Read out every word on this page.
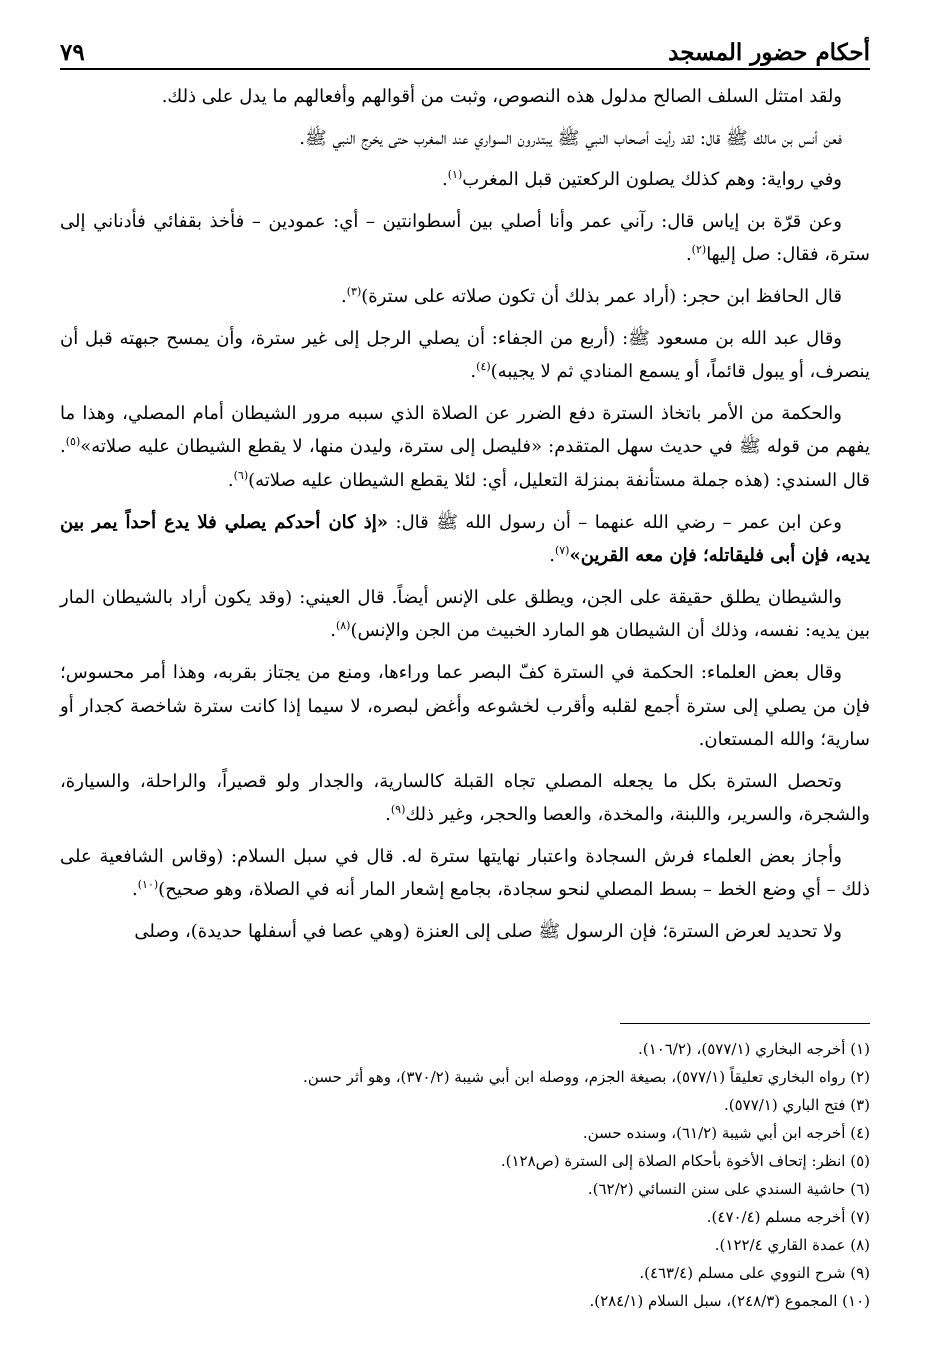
أحكام حضور المسجد
٧٩

ولقد امتثل السلف الصالح مدلول هذه النصوص، وثبت من أقوالهم وأفعالهم ما يدل على ذلك.

فعن أنس بن مالك ﷺ قال: لقد رأيت أصحاب النبي ﷺ يبتدرون السواري عند المغرب حتى يخرج النبي ﷺ.

وفي رواية: وهم كذلك يصلون الركعتين قبل المغرب$^{(١)}$.

وعن قرّة بن إياس قال: رآني عمر وأنا أصلي بين أسطوانتين – أي: عمودين – فأخذ بقفائي فأدناني إلى سترة، فقال: صل إليها$^{(٢)}$.

قال الحافظ ابن حجر: (أراد عمر بذلك أن تكون صلاته على سترة)$^{(٣)}$.

وقال عبد الله بن مسعود ﷺ: (أربع من الجفاء: أن يصلي الرجل إلى غير سترة، وأن يمسح جبهته قبل أن ينصرف، أو يبول قائماً، أو يسمع المنادي ثم لا يجيبه)$^{(٤)}$.

والحكمة من الأمر باتخاذ السترة دفع الضرر عن الصلاة الذي سببه مرور الشيطان أمام المصلي، وهذا ما يفهم من قوله ﷺ في حديث سهل المتقدم: «فليصل إلى سترة، وليدن منها، لا يقطع الشيطان عليه صلاته»$^{(٥)}$. قال السندي: (هذه جملة مستأنفة بمنزلة التعليل، أي: لئلا يقطع الشيطان عليه صلاته)$^{(٦)}$.

وعن ابن عمر – رضي الله عنهما – أن رسول الله ﷺ قال: «إذ كان أحدكم يصلي فلا يدع أحداً يمر بين يديه، فإن أبى فليقاتله؛ فإن معه القرين»$^{(٧)}$.

والشيطان يطلق حقيقة على الجن، ويطلق على الإنس أيضاً. قال العيني: (وقد يكون أراد بالشيطان المار بين يديه: نفسه، وذلك أن الشيطان هو المارد الخبيث من الجن والإنس)$^{(٨)}$.

وقال بعض العلماء: الحكمة في السترة كفّ البصر عما وراءها، ومنع من يجتاز بقربه، وهذا أمر محسوس؛ فإن من يصلي إلى سترة أجمع لقلبه وأقرب لخشوعه وأغض لبصره، لا سيما إذا كانت سترة شاخصة كجدار أو سارية؛ والله المستعان.

وتحصل السترة بكل ما يجعله المصلي تجاه القبلة كالسارية، والجدار ولو قصيراً، والراحلة، والسيارة، والشجرة، والسرير، واللبنة، والمخدة، والعصا والحجر، وغير ذلك$^{(٩)}$.

وأجاز بعض العلماء فرش السجادة واعتبار نهايتها سترة له. قال في سبل السلام: (وقاس الشافعية على ذلك – أي وضع الخط – بسط المصلي لنحو سجادة، بجامع إشعار المار أنه في الصلاة، وهو صحيح)$^{(١٠)}$.

ولا تحديد لعرض السترة؛ فإن الرسول ﷺ صلى إلى العنزة (وهي عصا في أسفلها حديدة)، وصلى

(١) أخرجه البخاري (٥٧٧/١)، (١٠٦/٢).
(٢) رواه البخاري تعليقاً (٥٧٧/١)، بصيغة الجزم، ووصله ابن أبي شيبة (٣٧٠/٢)، وهو أثر حسن.
(٣) فتح الباري (٥٧٧/١).
(٤) أخرجه ابن أبي شيبة (٦١/٢)، وسنده حسن.
(٥) انظر: إتحاف الأخوة بأحكام الصلاة إلى السترة (ص١٢٨).
(٦) حاشية السندي على سنن النسائي (٦٢/٢).
(٧) أخرجه مسلم (٤٧٠/٤).
(٨) عمدة القاري ١٢٢/٤).
(٩) شرح النووي على مسلم (٤٦٣/٤).
(١٠) المجموع (٢٤٨/٣)، سبل السلام (٢٨٤/١).
